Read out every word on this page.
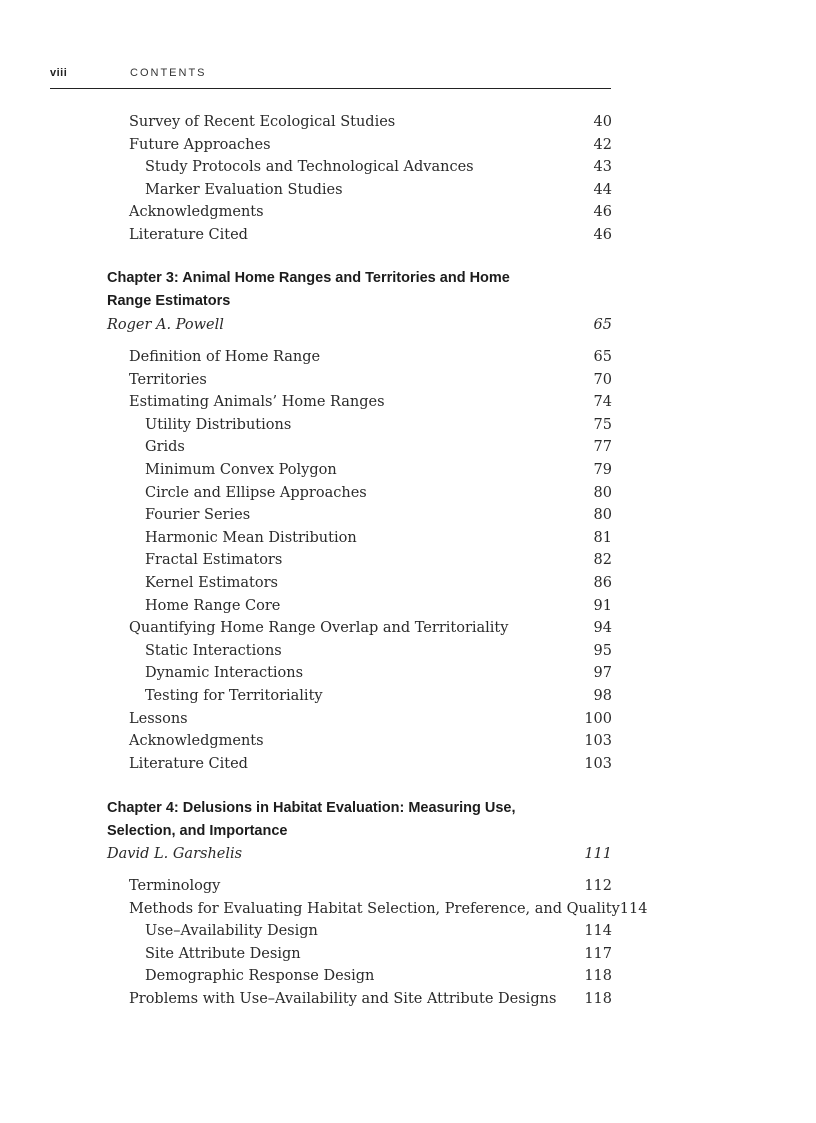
viii	CONTENTS
Survey of Recent Ecological Studies	40
Future Approaches	42
Study Protocols and Technological Advances	43
Marker Evaluation Studies	44
Acknowledgments	46
Literature Cited	46
Chapter 3: Animal Home Ranges and Territories and Home
Range Estimators
Roger A. Powell	65
Definition of Home Range	65
Territories	70
Estimating Animals’ Home Ranges	74
Utility Distributions	75
Grids	77
Minimum Convex Polygon	79
Circle and Ellipse Approaches	80
Fourier Series	80
Harmonic Mean Distribution	81
Fractal Estimators	82
Kernel Estimators	86
Home Range Core	91
Quantifying Home Range Overlap and Territoriality	94
Static Interactions	95
Dynamic Interactions	97
Testing for Territoriality	98
Lessons	100
Acknowledgments	103
Literature Cited	103
Chapter 4: Delusions in Habitat Evaluation: Measuring Use,
Selection, and Importance
David L. Garshelis	111
Terminology	112
Methods for Evaluating Habitat Selection, Preference, and Quality 114
Use–Availability Design	114
Site Attribute Design	117
Demographic Response Design	118
Problems with Use–Availability and Site Attribute Designs 118
